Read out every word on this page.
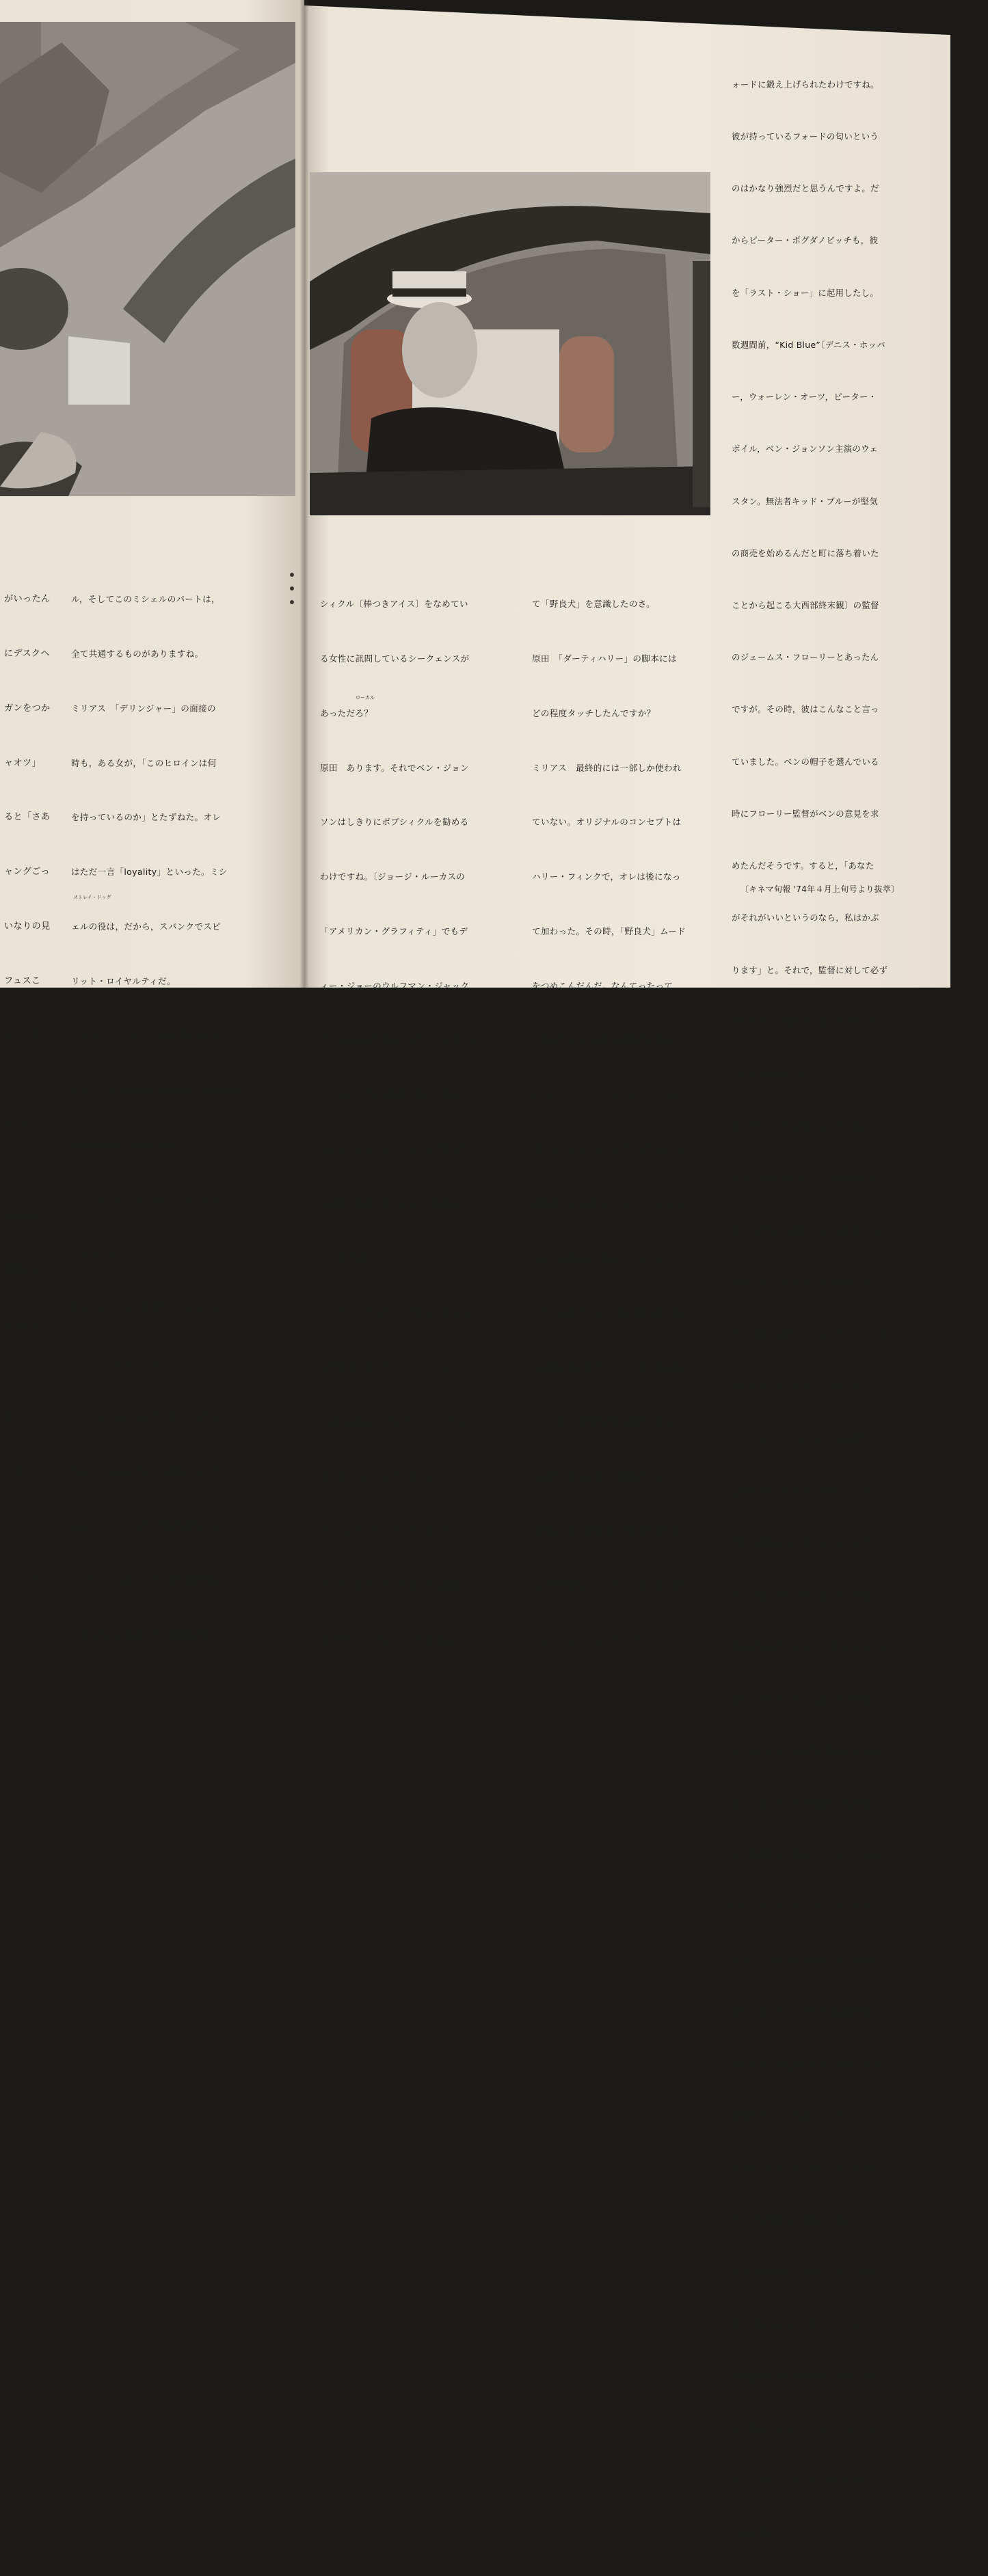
がいったん

にデスクヘ

ガンをつか

ャオツ」

ると「さあ

ャングごっ

いなりの見

フュスこ

だと、そ

フィリッ

と面接し

御肌だっ

だったか

キャプテ

「大い

「ロイ・

ーンシブ

ル，そしてこのミシェルのパートは，

全て共通するものがありますね。

ミリアス　「デリンジャー」の面接の

時も，ある女が，「このヒロインは何

を持っているのか」とたずねた。オレ

はただ一言「loyality」といった。ミシ

ェルの役は，だから，スバンクでスピ

リット・ロイヤルティだ。

　原田　ロイ・ビーンの台詞にもあった

ように，男はhaving womanと wanting

womanを持つべきですか？

ミリアス　ウーン，そういうことにし

とこう〔笑〕。

原田　ルーマニア訛りでしゃべるクロ

リス・リーチマンについては。

ミリアス　気に入っているパートだっ

たから，彼女のような演技派にやって

もらった。ところで，彼女が出てくる

シークェンスは，まるっきり黒沢明の

「野良犬」の盗用だぜ。志村喬がボブ

ストレイ・ドッグ

シィクル〔棒つきアイス〕をなめてい

る女性に訊問しているシークェンスが

あっただろ？

原田　あります。それでベン・ジョン

ソンはしきりにボブシィクルを勧める

わけですね。〔ジョージ・ルーカスの

「アメリカン・グラフィティ」でもデ

ィー・ジョーのウルフマン・ジャック

が，放送局をたずねてきたトレイフュス

にボブシィクルを勧める場面がある。

ジョンとジョージ，二人とも「野良犬」

の話をする度にボブシィクルをなめて

いたのでは!?〕

ミリアス　そうだよ。それに「野良犬」

の影響は「ダーティハリー」にも，い

っぱいあるね。〔クレディットにはのっ

ていないが，ミリアスも「ダーティハ

リー」のライターの一人〕ダーティハ

リーと，犯人スコーピオンとの関係，

部下のレニ・サントーニとの交友，全

ローカル

て「野良犬」を意識したのさ。

原田　「ダーティハリー」の脚本には

どの程度タッチしたんですか？

ミリアス　最終的には一部しか使われ

ていない。オリジナルのコンセプトは

ハリー・フィンクで，オレは後になっ

て加わった。その時，「野良犬」ムード

をつめこんだんだ。なんてったって

「野良犬」は最高の探偵物だからな。

原田　さて，ベン・ジョンソンですが，

ボクは彼をスクリーンで見るたびに奇

妙な感じをうけるんです。というのは，

女が昔の男の匂いをもってる，という

ことがあるでしょう。特に性交中に彼

女の体を通りすぎていった男たちが見

えてくる。俳優と監督の関係もそんな

ものだと思うんです。俳優というのは

多かれ少なかれ甲斐性のある監督に多

大に影響されているんじゃないかと思

える。ベン・ジョンソンはジョン・フ

ォードに鍛え上げられたわけですね。

彼が持っているフォードの匂いという

のはかなり強烈だと思うんですよ。だ

からピーター・ボグダノビッチも，彼

を「ラスト・ショー」に起用したし。

数週間前，“Kid Blue”〔デニス・ホッパ

ー，ウォーレン・オーツ，ピーター・

ボイル，ベン・ジョンソン主演のウェ

スタン。無法者キッド・ブルーが堅気

の商売を始めるんだと町に落ち着いた

ことから起こる大西部終末観〕の監督

のジェームス・フローリーとあったん

ですが。その時，彼はこんなこと言っ

ていました。ベンの帽子を選んでいる

時にフローリー監督がベンの意見を求

めたんだそうです。すると，「あなた

がそれがいいというのなら，私はかぶ

ります」と。それで，監督に対して必ず

“サー”という敬称をつけるんですって。

“サー”なんて呼ば

ないで“ジム”と気軽に言ってくれ，と

いうと“Yes, sir”でしょ。監督に対する

接し方が実に折目正しい。過剰なくら

い折目正しいということですね。もっ

とも，撮了間際にはジム，ベンと呼びあ

う付き合いだったらしいですけど。

ミリアス　「デリンジャー」の撮影中

にはそんなことなかったな。いい人

でね，撮影の合い間にハンティングに

よく一緒に出かけたしね。オレと彼と

は共同出資でハンティング用のキャビン

を買ったんだ。ベンはね，タフで悪

どいけれどどこか観客に愛されるもの

をもっている，そんな役をこなす数少

ない役者だよ。それに，このドラマの

中心はデリンジャー以上にパービスだ

から。どこか悲劇的なヒーローのカゲ

を持っているし。それだけに慎重を

期してベンを選んだんだ。ねらい通り

の味がでていると思う。デリンジャー

のウォーレン・オーツは，オレがアマ

チュアの頃から一度使ってみたいと考

えていた俳優だ。実をいえば，今まで

書いた脚本は全て，オー ウォーレン

ツを念頭において書きはじめているん

だ。特に「ロイ・ビーン」こそ，しん

そこ，ウォーレン・オーツのためだっ

たのになあ。

〔キネマ旬報 '74年４月上旬号より抜萃〕
